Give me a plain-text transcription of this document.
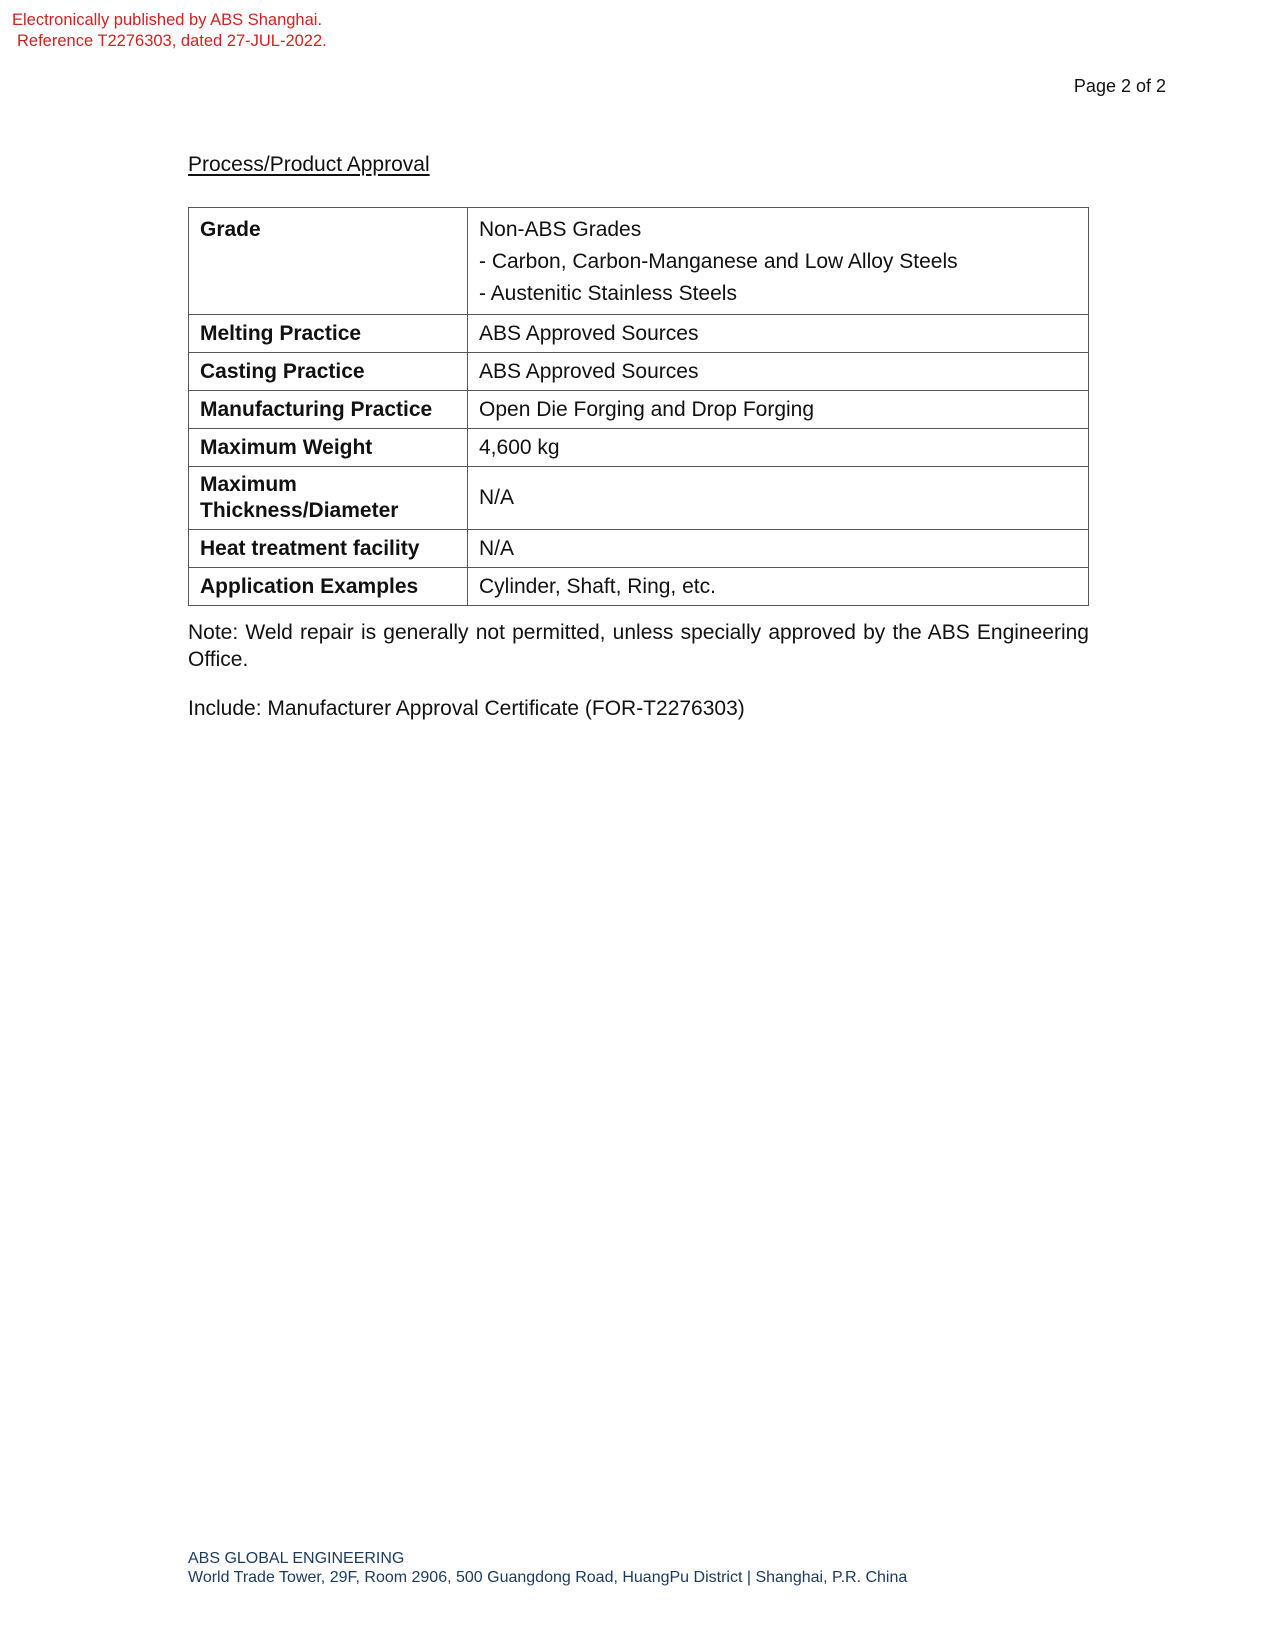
Electronically published by ABS Shanghai.
Reference T2276303, dated 27-JUL-2022.
Page 2 of 2
Process/Product Approval
Grade	Non-ABS Grades
- Carbon, Carbon-Manganese and Low Alloy Steels
- Austenitic Stainless Steels

Melting Practice	ABS Approved Sources
Casting Practice	ABS Approved Sources
Manufacturing Practice	Open Die Forging and Drop Forging
Maximum Weight	4,600 kg

Maximum
Thickness/Diameter	N/A
Heat treatment facility	N/A
Application Examples	Cylinder, Shaft, Ring, etc.
Note: Weld repair is generally not permitted, unless specially approved by the ABS Engineering Office.
Include: Manufacturer Approval Certificate (FOR-T2276303)
ABS GLOBAL ENGINEERING
World Trade Tower, 29F, Room 2906, 500 Guangdong Road, HuangPu District | Shanghai, P.R. China
